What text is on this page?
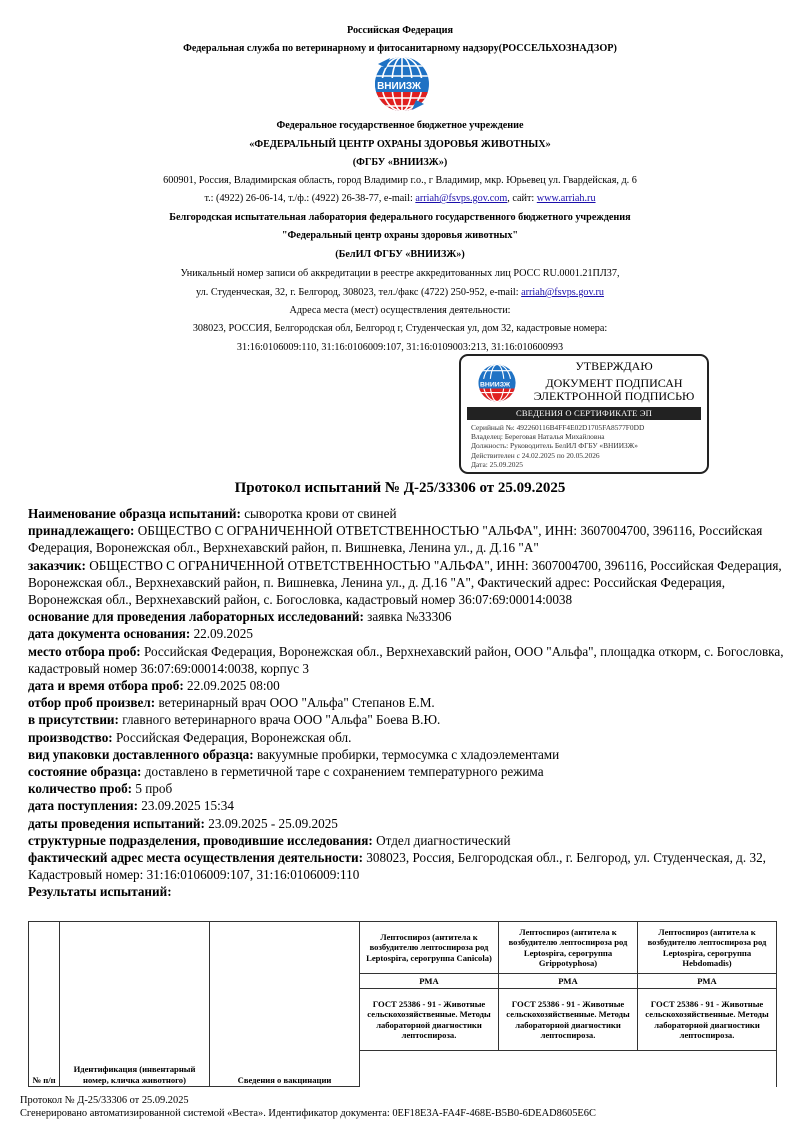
Российская Федерация
Федеральная служба по ветеринарному и фитосанитарному надзору(РОССЕЛЬХОЗНАДЗОР)
ВНИИЗЖ
Федеральное государственное бюджетное учреждение
«ФЕДЕРАЛЬНЫЙ ЦЕНТР ОХРАНЫ ЗДОРОВЬЯ ЖИВОТНЫХ»
(ФГБУ «ВНИИЗЖ»)
600901, Россия, Владимирская область, город Владимир г.о., г Владимир, мкр. Юрьевец ул. Гвардейская, д. 6
т.: (4922) 26-06-14, т./ф.: (4922) 26-38-77, e-mail: arriah@fsvps.gov.com, сайт: www.arriah.ru
Белгородская испытательная лаборатория федерального государственного бюджетного учреждения
"Федеральный центр охраны здоровья животных"
(БелИЛ ФГБУ «ВНИИЗЖ»)
Уникальный номер записи об аккредитации в реестре аккредитованных лиц РОСС RU.0001.21ПЛ37,
ул. Студенческая, 32, г. Белгород, 308023, тел./факс (4722) 250-952, e-mail: arriah@fsvps.gov.ru
Адреса места (мест) осуществления деятельности:
308023, РОССИЯ, Белгородская обл, Белгород г, Студенческая ул, дом 32, кадастровые номера:
31:16:0106009:110, 31:16:0106009:107, 31:16:0109003:213, 31:16:010600993
ВНИИЗЖ
УТВЕРЖДАЮ
ДОКУМЕНТ ПОДПИСАН
ЭЛЕКТРОННОЙ ПОДПИСЬЮ
СВЕДЕНИЯ О СЕРТИФИКАТЕ ЭП
Серийный №: 492260116B4FF4E02D1705FA8577F0DD
Владелец: Береговая Наталья Михайловна
Должность: Руководитель БелИЛ ФГБУ «ВНИИЗЖ»
Действителен с 24.02.2025 по 20.05.2026
Дата: 25.09.2025
Протокол испытаний № Д-25/33306 от 25.09.2025
Наименование образца испытаний: сыворотка крови от свиней
принадлежащего: ОБЩЕСТВО С ОГРАНИЧЕННОЙ ОТВЕТСТВЕННОСТЬЮ "АЛЬФА", ИНН: 3607004700, 396116, Российская Федерация, Воронежская обл., Верхнехавский район, п. Вишневка, Ленина ул., д. Д.16 "А"
заказчик: ОБЩЕСТВО С ОГРАНИЧЕННОЙ ОТВЕТСТВЕННОСТЬЮ "АЛЬФА", ИНН: 3607004700, 396116, Российская Федерация, Воронежская обл., Верхнехавский район, п. Вишневка, Ленина ул., д. Д.16 "А", Фактический адрес: Российская Федерация, Воронежская обл., Верхнехавский район, с. Богословка, кадастровый номер 36:07:69:00014:0038
основание для проведения лабораторных исследований: заявка №33306
дата документа основания: 22.09.2025
место отбора проб: Российская Федерация, Воронежская обл., Верхнехавский район, ООО "Альфа", площадка откорм, с. Богословка, кадастровый номер 36:07:69:00014:0038, корпус 3
дата и время отбора проб: 22.09.2025 08:00
отбор проб произвел: ветеринарный врач ООО "Альфа" Степанов Е.М.
в присутствии: главного ветеринарного врача ООО "Альфа" Боева В.Ю.
производство: Российская Федерация, Воронежская обл.
вид упаковки доставленного образца: вакуумные пробирки, термосумка с хладоэлементами
состояние образца: доставлено в герметичной таре с сохранением температурного режима
количество проб: 5 проб
дата поступления: 23.09.2025 15:34
даты проведения испытаний: 23.09.2025 - 25.09.2025
структурные подразделения, проводившие исследования: Отдел диагностический
фактический адрес места осуществления деятельности: 308023, Россия, Белгородская обл., г. Белгород, ул. Студенческая, д. 32, Кадастровый номер: 31:16:0106009:107, 31:16:0106009:110
Результаты испытаний:
№ п/п	Идентификация (инвентарный номер, кличка животного)	Сведения о вакцинации	Лептоспироз (антитела к возбудителю лептоспироза род Leptospira, серогруппа Canicola)	Лептоспироз (антитела к возбудителю лептоспироза род Leptospira, серогруппа Grippotyphosa)	Лептоспироз (антитела к возбудителю лептоспироза род Leptospira, серогруппа Hebdomadis)
			РМА	РМА	РМА
			ГОСТ 25386 - 91 - Животные сельскохозяйственные. Методы лабораторной диагностики лептоспироза.	ГОСТ 25386 - 91 - Животные сельскохозяйственные. Методы лабораторной диагностики лептоспироза.	ГОСТ 25386 - 91 - Животные сельскохозяйственные. Методы лабораторной диагностики лептоспироза.

Протокол № Д-25/33306 от 25.09.2025
Сгенерировано автоматизированной системой «Веста». Идентификатор документа: 0EF18E3A-FA4F-468E-B5B0-6DEAD8605E6C
